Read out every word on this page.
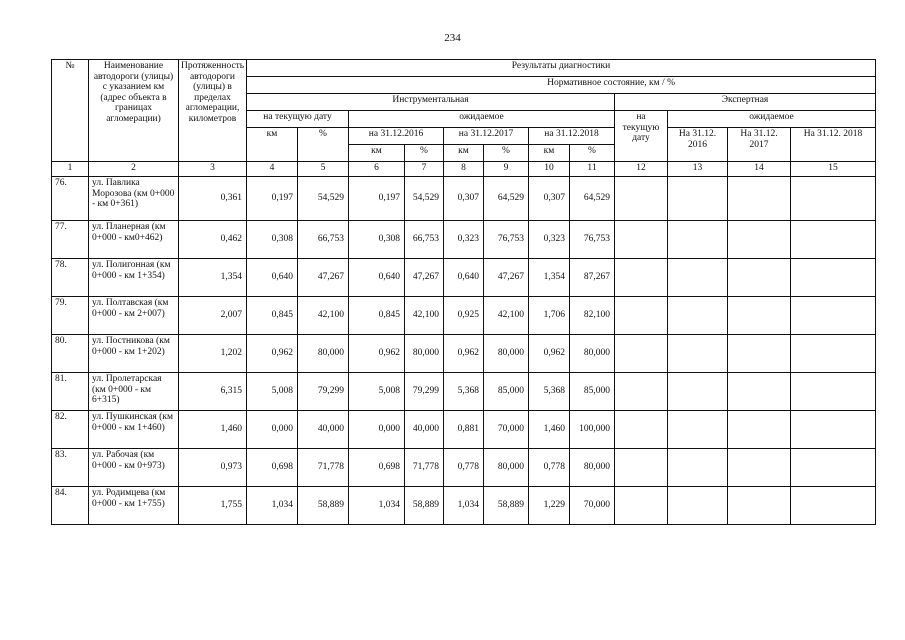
234
№	Наименование автодороги (улицы) с указанием км (адрес объекта в границах агломерации)	Протяженность автодороги (улицы) в пределах агломерации, километров	Результаты диагностики											
			Нормативное состояние, км / %											
			Инструментальная								Экспертная			
			на текущую дату		ожидаемое						на текущую дату	ожидаемое		
			км	%	на 31.12.2016		на 31.12.2017		на 31.12.2018			На 31.12. 2016	На 31.12. 2017	На 31.12. 2018
					км	%	км	%	км	%				
1	2	3	4	5	6	7	8	9	10	11	12	13	14	15
76.	ул. Павлика Морозова (км 0+000 - км 0+361)	0,361	0,197	54,529	0,197	54,529	0,307	64,529	0,307	64,529				
77.	ул. Планерная (км 0+000 - км0+462)	0,462	0,308	66,753	0,308	66,753	0,323	76,753	0,323	76,753				
78.	ул. Полигонная (км 0+000 - км 1+354)	1,354	0,640	47,267	0,640	47,267	0,640	47,267	1,354	87,267				
79.	ул. Полтавская (км 0+000 - км 2+007)	2,007	0,845	42,100	0,845	42,100	0,925	42,100	1,706	82,100				
80.	ул. Постникова (км 0+000 - км 1+202)	1,202	0,962	80,000	0,962	80,000	0,962	80,000	0,962	80,000				
81.	ул. Пролетарская (км 0+000 - км 6+315)	6,315	5,008	79,299	5,008	79,299	5,368	85,000	5,368	85,000				
82.	ул. Пушкинская (км 0+000 - км 1+460)	1,460	0,000	40,000	0,000	40,000	0,881	70,000	1,460	100,000				
83.	ул. Рабочая (км 0+000 - км 0+973)	0,973	0,698	71,778	0,698	71,778	0,778	80,000	0,778	80,000				
84.	ул. Родимцева (км 0+000 - км 1+755)	1,755	1,034	58,889	1,034	58,889	1,034	58,889	1,229	70,000				
